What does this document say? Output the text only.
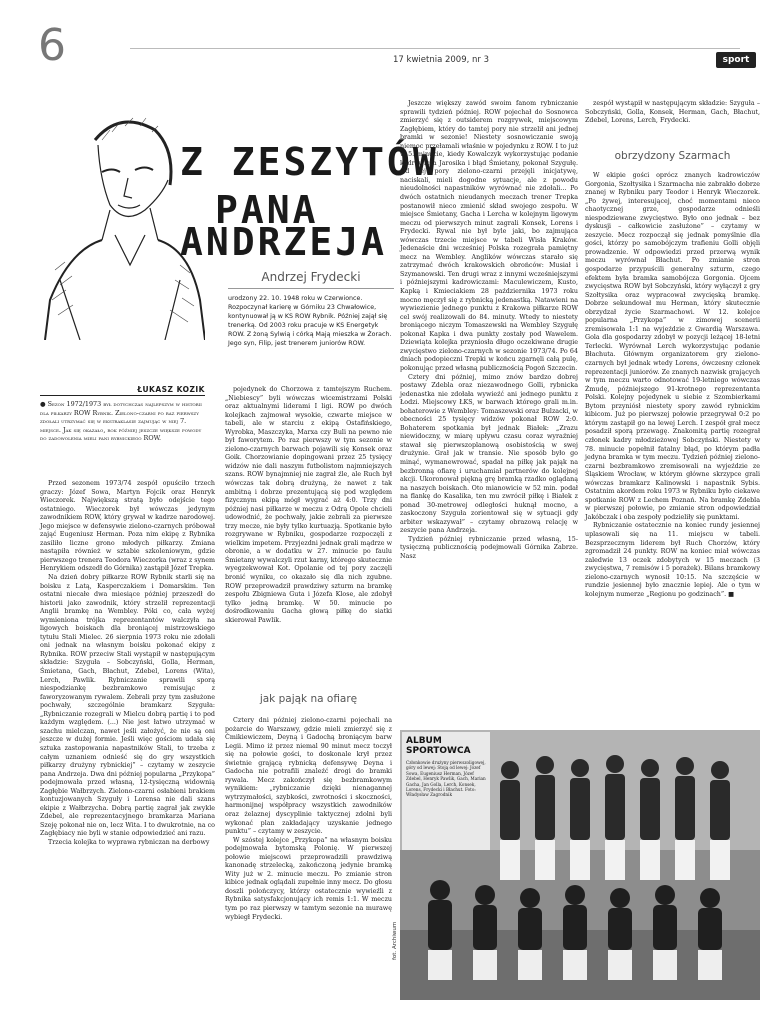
6	17 kwietnia 2009, nr 3	sport
Z ZESZYTÓW
PANA
ANDRZEJA
Andrzej Frydecki
urodzony 22. 10. 1948 roku w Czerwionce. Rozpoczynał karierę w Górniku 23 Chwałowice, kontynuował ją w KS ROW Rybnik. Później zajął się trenerką. Od 2003 roku pracuje w KS Energetyk ROW. Z żoną Sylwią i córką Mają mieszka w Żorach. Jego syn, Filip, jest trenerem juniorów ROW.
ŁUKASZ KOZIK
● Sezon 1972/1973 był dotychczas najlepszym w historii dla piłkarzy ROW Rybnik. Zielono-czarni po raz pierwszy zdołali utrzymać się w ekstraklasie zajmując w niej 7. miejsce. Jak się okazało, rok później jeszcze większe powody do zadowolenia mieli fani rybnickiego ROW.

Przed sezonem 1973/74 zespół opuściło trzech graczy: Józef Sowa, Martyn Fojcik oraz Henryk Wieczorek. Największą stratą było odejście tego ostatniego. Wieczorek był wówczas jedynym zawodnikiem ROW, który grywał w kadrze narodowej. Jego miejsce w defensywie zielono-czarnych próbował zająć Eugeniusz Herman. Poza nim ekipę z Rybnika zasiliło liczne grono młodych piłkarzy. Zmiana nastąpiła również w sztabie szkoleniowym, gdzie pierwszego trenera Teodora Wieczorka (wraz z synem Henrykiem odszedł do Górnika) zastąpił Józef Trepka.

Na dzień dobry piłkarze ROW Rybnik starli się na boisku z Latą, Kasperczakiem i Domarskim. Ten ostatni niecałe dwa miesiące później przeszedł do historii jako zawodnik, który strzelił reprezentacji Anglii bramkę na Wembley. Póki co, cała wyżej wymieniona trójka reprezentantów walczyła na ligowych boiskach dla broniącej mistrzowskiego tytułu Stali Mielec. 26 sierpnia 1973 roku nie zdołali oni jednak na własnym boisku pokonać ekipy z Rybnika. ROW przeciw Stali wystąpił w następującym składzie: Szyguła – Sobczyński, Golla, Herman, Śmietana, Gach, Błachut, Zdebel, Lorens (Wita), Lerch, Pawlik. Rybniczanie sprawili sporą niespodziankę bezbramkowo remisując z faworyzowanym rywalem. Zebrali przy tym zasłużone pochwały, szczególnie bramkarz Szyguła: „Rybniczanie rozegrali w Mielcu dobrą partię i to pod każdym względem. (...) Nie jest łatwo utrzymać w szachu mielczan, nawet jeśli założyć, że nie są oni jeszcze w dużej formie. Jeśli więc gościom udała się sztuka zastopowania napastników Stali, to trzeba z całym uznaniem odnieść się do gry wszystkich piłkarzy drużyny rybnickiej” – czytamy w zeszycie pana Andrzeja. Dwa dni później popularna „Przykopa” podejmowała przed własną, 12-tysięczną widownią Zagłębie Wałbrzych. Zielono-czarni osłabieni brakiem kontuzjowanych Szyguły i Lorensa nie dali szans ekipie z Wałbrzycha. Dobrą partię zagrał jak zwykle Zdebel, ale reprezentacyjnego bramkarza Mariana Szeję pokonał nie on, lecz Wita. I to dwukrotnie, na co Zagłębiacy nie byli w stanie odpowiedzieć ani razu.

Trzecia kolejka to wyprawa rybniczan na derbowy

pojedynek do Chorzowa z tamtejszym Ruchem. „Niebiescy” byli wówczas wicemistrzami Polski oraz aktualnymi liderami I ligi. ROW po dwóch kolejkach zajmował wysokie, czwarte miejsce w tabeli, ale w starciu z ekipą Ostafińskiego, Wyrobka, Maszczyka, Marxa czy Buli na pewno nie był faworytem. Po raz pierwszy w tym sezonie w zielono-czarnych barwach pojawili się Konsek oraz Goik. Chorzowianie dopingowani przez 25 tysięcy widzów nie dali naszym futbolistom najmniejszych szans. ROW bynajmniej nie zagrał źle, ale Ruch był wówczas tak dobrą drużyną, że nawet z tak ambitną i dobrze prezentującą się pod względem fizycznym ekipą mógł wygrać aż 4:0. Trzy dni później nasi piłkarze w meczu z Odrą Opole chcieli udowodnić, że pochwały, jakie zebrali za pierwsze trzy mecze, nie były tylko kurtuazją. Spotkanie było rozgrywane w Rybniku, gospodarze rozpoczęli z wielkim impetem. Przyjezdni jednak grali mądrze w obronie, a w dodatku w 27. minucie po faulu Śmietany wywalczyli rzut karny, którego skutecznie wyegzekwował Kot. Opolanie od tej pory zaczęli bronić wyniku, co okazało się dla nich zgubne. ROW przeprowadził prawdziwy szturm na bramkę zespołu Zbigniewa Guta i Józefa Klose, ale zdobył tylko jedną bramkę. W 50. minucie po dośrodkowaniu Gacha głową piłkę do siatki skierował Pawlik.

jak pająk na ofiarę

Cztery dni później zielono-czarni pojechali na pożarcie do Warszawy, gdzie mieli zmierzyć się z Ćmikiewiczem, Deyną i Gadochą broniącym barw Legii. Mimo iż przez niemal 90 minut mecz toczył się na połowie gości, to doskonale krył przez świetnie grającą rybnicką defensywę Deyna i Gadocha nie potrafili znaleźć drogi do bramki rywala. Mecz zakończył się bezbramkowym wynikiem: „rybniczanie dzięki nienagannej wytrzymałości, szybkości, zwrotności i skoczności, harmonijnej współpracy wszystkich zawodników oraz żelaznej dyscyplinie taktycznej zdolni byli wykonać plan zakładający uzyskanie jednego punktu” – czytamy w zeszycie.

W szóstej kolejce „Przykopa” na własnym boisku podejmowała bytomską Polonię. W pierwszej połowie miejscowi przeprowadzili prawdziwą kanonadę strzelecką, zakończoną jedynie bramką Wity już w 2. minucie meczu. Po zmianie stron kibice jednak oglądali zupełnie inny mecz. Do głosu doszli polończycy, którzy ostatecznie wywieźli z Rybnika satysfakcjonujący ich remis 1:1. W meczu tym po raz pierwszy w tamtym sezonie na murawę wybiegł Frydecki.

Jeszcze większy zawód swoim fanom rybniczanie sprawili tydzień później. ROW pojechał do Sosnowca zmierzyć się z outsiderem rozgrywek, miejscowym Zagłębiem, który do tamtej pory nie strzelił ani jednej bramki w sezonie! Niestety sosnowiczanie swoją niemoc przełamali właśnie w pojedynku z ROW. I to już w 5. minucie, kiedy Kowalczyk wykorzystując podanie kadrowicza Jarosika i błąd Śmietany, pokonał Szygułę. Od tej pory zielono-czarni przejęli inicjatywę, naciskali, mieli dogodne sytuacje, ale z powodu nieudolności napastników wyrównać nie zdołali... Po dwóch ostatnich nieudanych meczach trener Trepka postanowił nieco zmienić skład swojego zespołu. W miejsce Śmietany, Gacha i Lercha w kolejnym ligowym meczu od pierwszych minut zagrali Konsek, Lorens i Frydecki. Rywal nie był byle jaki, bo zajmująca wówczas trzecie miejsce w tabeli Wisła Kraków. Jedenaście dni wcześniej Polska rozegrała pamiętny mecz na Wembley. Anglików wówczas starało się zatrzymać dwóch krakowskich obrońców: Musiał i Szymanowski. Ten drugi wraz z innymi wcześniejszymi i późniejszymi kadrowiczami: Maculewiczem, Kusto, Kapką i Kmieciakiem 28 października 1973 roku mocno męczył się z rybnicką jedenastką. Natawieni na wywiezienie jednego punktu z Krakowa piłkarze ROW cel swój realizowali do 84. minuty. Wtedy to niestety broniącego niczym Tomaszewski na Wembley Szygułę pokonał Kapka i dwa punkty zostały pod Wawelem. Dziewiąta kolejka przyniosła długo oczekiwane drugie zwycięstwo zielono-czarnych w sezonie 1973/74. Po 64 dniach podopieczni Trepki w końcu zgarnęli całą pulę, pokonując przed własną publicznością Pogoń Szczecin.

Cztery dni później, mimo znów bardzo dobrej postawy Zdebla oraz niezawodnego Golli, rybnicka jedenastka nie zdołała wywieźć ani jednego punktu z Łodzi. Miejscowy ŁKS, w barwach którego grali m.in. bohaterowie z Wembley: Tomaszewski oraz Bulzacki, w obecności 25 tysięcy widzów pokonał ROW 2:0. Bohaterem spotkania był jednak Białek: „Zrazu niewidoczny, w miarę upływu czasu coraz wyraźniej stawał się pierwszoplanową osobistością w swej drużynie. Grał jak w transie. Nie sposób było go minąć, wymanewrować, spadał na piłkę jak pająk na bezbronną ofiarę i uruchamiał partnerów do kolejnej akcji. Ukoronował piękną grę bramką rzadko oglądaną na naszych boiskach. Oto mianowicie w 52 min. podał na flankę do Kasalika, ten mu zwrócił piłkę i Białek z ponad 30-metrowej odległości huknął mocno, a zaskoczony Szyguła zorientował się w sytuacji gdy arbiter wskazywał” – czytamy obrazową relację w zeszycie pana Andrzeja.

Tydzień później rybniczanie przed własną, 15-tysięczną publicznością podejmowali Górnika Zabrze. Nasz

zespół wystąpił w następującym składzie: Szyguła – Sobczyński, Golla, Konsek, Herman, Gach, Błachut, Zdebel, Lorens, Lerch, Frydecki.

obrzydzony Szarmach

W ekipie gości oprócz znanych kadrowiczów Gorgonia, Szołtysika i Szarmacha nie zabrakło dobrze znanej w Rybniku pary Teodor i Henryk Wieczorek. „Po żywej, interesującej, choć momentami nieco chaotycznej grze, gospodarze odnieśli niespodziewane zwycięstwo. Było ono jednak – bez dyskusji – całkowicie zasłużone” – czytamy w zeszycie. Mecz rozpoczął się jednak pomyślnie dla gości, którzy po samobójczym trafieniu Golli objęli prowadzenie. W odpowiedzi przed przerwą wynik meczu wyrównał Błachut. Po zmianie stron gospodarze przypuścili generalny szturm, czego efektem była bramka samobójcza Gorgonia. Ojcem zwycięstwa ROW był Sobczyński, który wyłączył z gry Szołtysika oraz wypracował zwycięską bramkę. Dobrze sekundował mu Herman, który skutecznie obrzydzał życie Szarmachowi. W 12. kolejce popularna „Przykopa” w zimowej scenerii zremisowała 1:1 na wyjeździe z Gwardią Warszawa. Gola dla gospodarzy zdobył w pozycji leżącej 18-letni Terlecki. Wyrównał Lerch wykorzystując podanie Błachuta. Głównym organizatorem gry zielono-czarnych był jednak wtedy Lorens, ówczesny członek reprezentacji juniorów. Ze znanych nazwisk grających w tym meczu warto odnotować 19-letniego wówczas Żmudę, późniejszego 91-krotnego reprezentanta Polski. Kolejny pojedynek u siebie z Szombierkami Bytom przyniósł niestety spory zawód rybnickim kibicom. Już po pierwszej połowie przegrywał 0:2 po którym zastąpił go na lewej Lerch. I zespół grał mecz posadził sporą przewagę. Znakomitą partię rozegrał członek kadry młodzieżowej Sobczyński. Niestety w 78. minucie popełnił fatalny błąd, po którym padła jedyna bramka w tym meczu. Tydzień później zielono-czarni bezbramkowo zremisowali na wyjeździe ze Śląskiem Wrocław, w którym główne skrzypce grali wówczas bramkarz Kalinowski i napastnik Sybis. Ostatnim akordem roku 1973 w Rybniku było ciekawe spotkanie ROW z Lechem Poznań. Na bramkę Zdebla w pierwszej połowie, po zmianie stron odpowiedział Jakóbczak i oba zespoły podzieliły się punktami.

Rybniczanie ostatecznie na koniec rundy jesiennej uplasowali się na 11. miejscu w tabeli. Bezsprzecznym liderem był Ruch Chorzów, który zgromadził 24 punkty. ROW na koniec miał wówczas zaledwie 13 oczek zdobytych w 15 meczach (3 zwycięstwa, 7 remisów i 5 porażek). Bilans bramkowy zielono-czarnych wynosił 10:15. Na szczęście w rundzie jesiennej było znacznie lepiej. Ale o tym w kolejnym numerze „Regionu po godzinach”. ■

ALBUM SPORTOWCA
Członkowie drużyny pierwszoligowej, góry od lewej: Stoją od lewej: Józef Sowa, Eugeniusz Herman, Józef Zdebel, Henryk Pawlik, Gach, Marian Gacha, Jan Golla, Lerch, Konsek, Lorens, Frydecki i Błachut. Foto: Władysław Zagrodnik
fot. Archiwum
